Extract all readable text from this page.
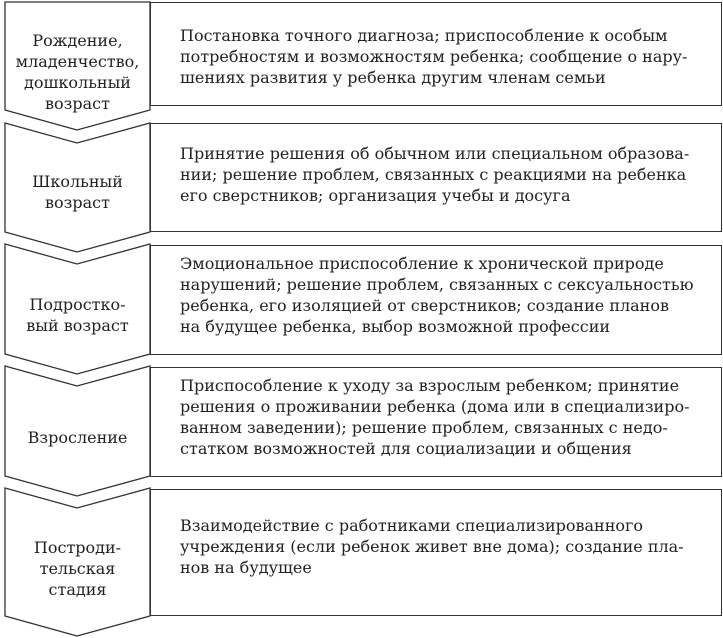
Рождение,
младенчество,
дошкольный
возраст
Школьный
возраст
Подростко-
вый возраст
Взросление
Построди-
тельская
стадия
Постановка точного диагноза; приспособление к особым
потребностям и возможностям ребенка; сообщение о нару-
шениях развития у ребенка другим членам семьи
Принятие решения об обычном или специальном образова-
нии; решение проблем, связанных с реакциями на ребенка
его сверстников; организация учебы и досуга
Эмоциональное приспособление к хронической природе
нарушений; решение проблем, связанных с сексуальностью
ребенка, его изоляцией от сверстников; создание планов
на будущее ребенка, выбор возможной профессии
Приспособление к уходу за взрослым ребенком; принятие
решения о проживании ребенка (дома или в специализиро-
ванном заведении); решение проблем, связанных с недо-
статком возможностей для социализации и общения
Взаимодействие с работниками специализированного
учреждения (если ребенок живет вне дома); создание пла-
нов на будущее
